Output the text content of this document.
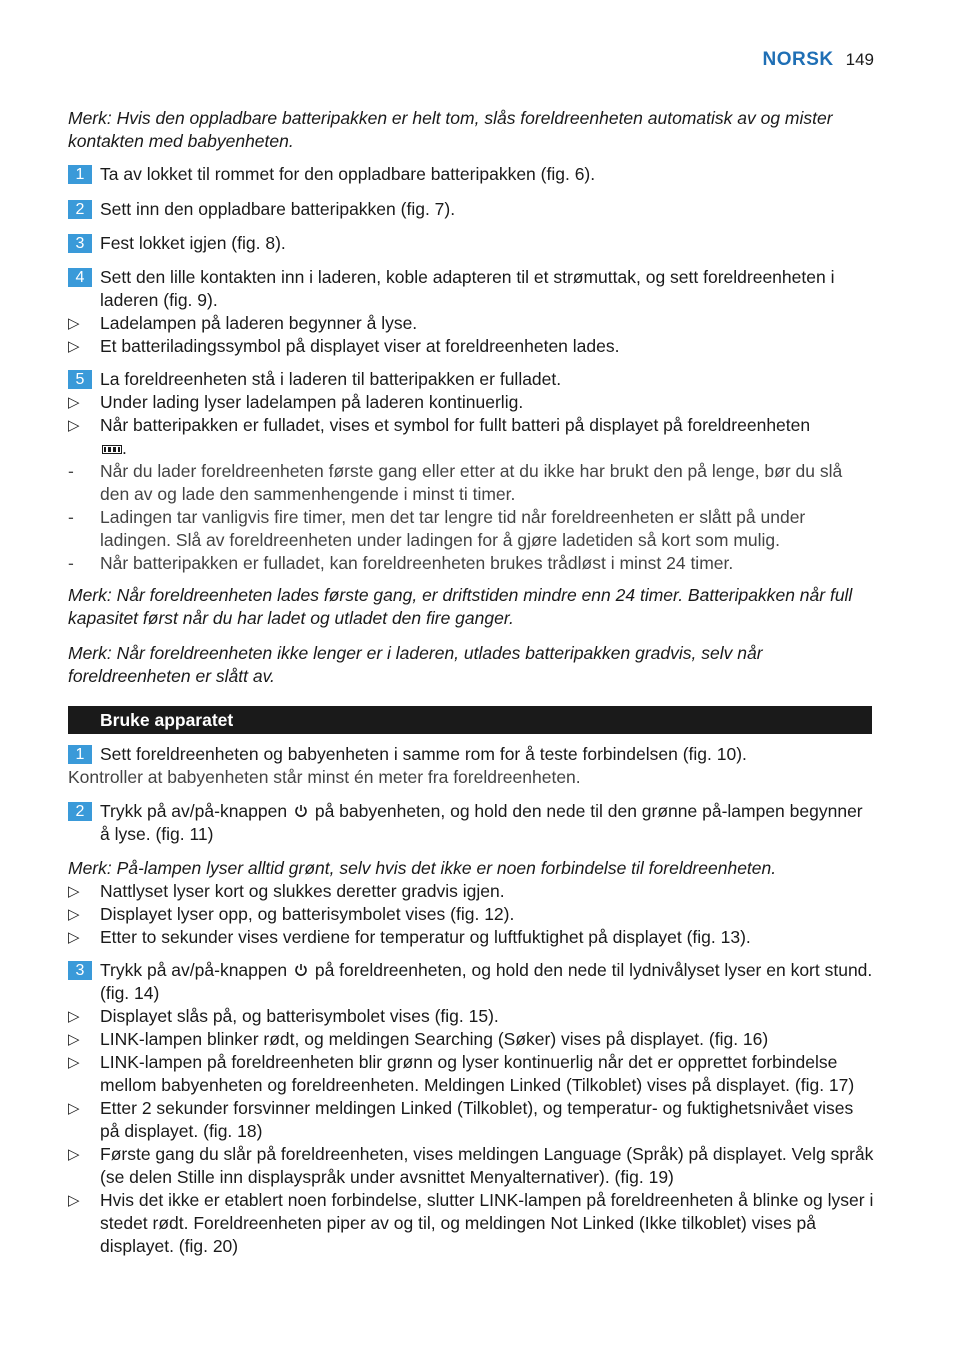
NORSK 149
Merk: Hvis den oppladbare batteripakken er helt tom, slås foreldreenheten automatisk av og mister kontakten med babyenheten.
1 Ta av lokket til rommet for den oppladbare batteripakken (fig. 6).
2 Sett inn den oppladbare batteripakken (fig. 7).
3 Fest lokket igjen (fig. 8).
4 Sett den lille kontakten inn i laderen, koble adapteren til et strømuttak, og sett foreldreenheten i laderen (fig. 9).
▷ Ladelampen på laderen begynner å lyse.
▷ Et batteriladingssymbol på displayet viser at foreldreenheten lades.
5 La foreldreenheten stå i laderen til batteripakken er fulladet.
▷ Under lading lyser ladelampen på laderen kontinuerlig.
▷ Når batteripakken er fulladet, vises et symbol for fullt batteri på displayet på foreldreenheten
.
- Når du lader foreldreenheten første gang eller etter at du ikke har brukt den på lenge, bør du slå den av og lade den sammenhengende i minst ti timer.
- Ladingen tar vanligvis fire timer, men det tar lengre tid når foreldreenheten er slått på under ladingen. Slå av foreldreenheten under ladingen for å gjøre ladetiden så kort som mulig.
- Når batteripakken er fulladet, kan foreldreenheten brukes trådløst i minst 24 timer.
Merk: Når foreldreenheten lades første gang, er driftstiden mindre enn 24 timer. Batteripakken når full kapasitet først når du har ladet og utladet den fire ganger.
Merk: Når foreldreenheten ikke lenger er i laderen, utlades batteripakken gradvis, selv når foreldreenheten er slått av.
Bruke apparatet
1 Sett foreldreenheten og babyenheten i samme rom for å teste forbindelsen (fig. 10).
Kontroller at babyenheten står minst én meter fra foreldreenheten.
2 Trykk på av/på-knappen på babyenheten, og hold den nede til den grønne på-lampen begynner å lyse. (fig. 11)
Merk: På-lampen lyser alltid grønt, selv hvis det ikke er noen forbindelse til foreldreenheten.
▷ Nattlyset lyser kort og slukkes deretter gradvis igjen.
▷ Displayet lyser opp, og batterisymbolet vises (fig. 12).
▷ Etter to sekunder vises verdiene for temperatur og luftfuktighet på displayet (fig. 13).
3 Trykk på av/på-knappen på foreldreenheten, og hold den nede til lydnivålyset lyser en kort stund. (fig. 14)
▷ Displayet slås på, og batterisymbolet vises (fig. 15).
▷ LINK-lampen blinker rødt, og meldingen Searching (Søker) vises på displayet. (fig. 16)
▷ LINK-lampen på foreldreenheten blir grønn og lyser kontinuerlig når det er opprettet forbindelse mellom babyenheten og foreldreenheten. Meldingen Linked (Tilkoblet) vises på displayet. (fig. 17)
▷ Etter 2 sekunder forsvinner meldingen Linked (Tilkoblet), og temperatur- og fuktighetsnivået vises på displayet. (fig. 18)
▷ Første gang du slår på foreldreenheten, vises meldingen Language (Språk) på displayet. Velg språk (se delen Stille inn displayspråk under avsnittet Menyalternativer). (fig. 19)
▷ Hvis det ikke er etablert noen forbindelse, slutter LINK-lampen på foreldreenheten å blinke og lyser i stedet rødt. Foreldreenheten piper av og til, og meldingen Not Linked (Ikke tilkoblet) vises på displayet. (fig. 20)
